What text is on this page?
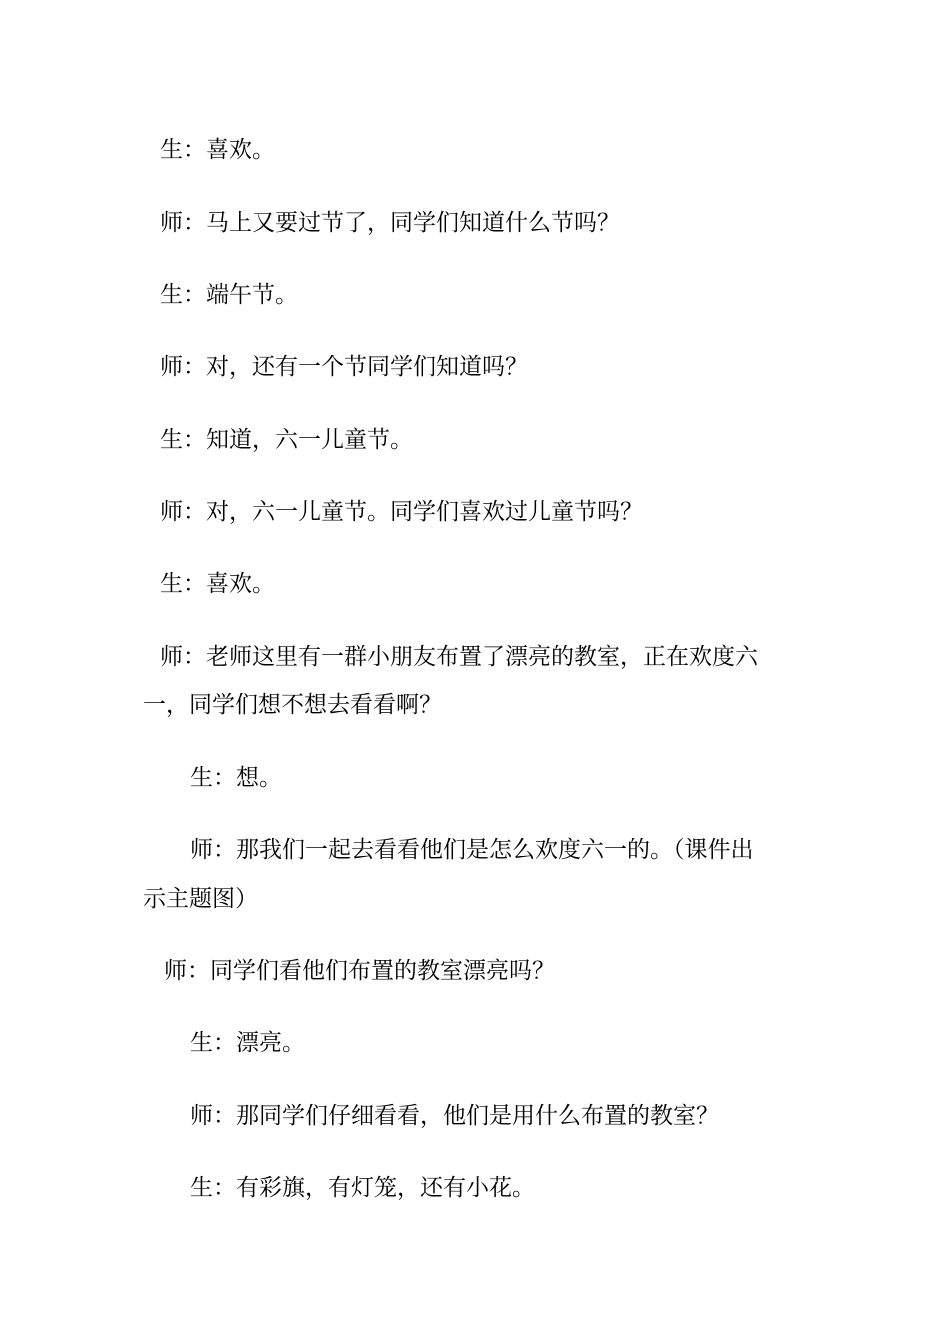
生：喜欢。
师：马上又要过节了，同学们知道什么节吗？
生：端午节。
师：对，还有一个节同学们知道吗？
生：知道，六一儿童节。
师：对，六一儿童节。同学们喜欢过儿童节吗？
生：喜欢。
师：老师这里有一群小朋友布置了漂亮的教室，正在欢度六
一，同学们想不想去看看啊？
生：想。
师：那我们一起去看看他们是怎么欢度六一的。（课件出
示主题图）
师：同学们看他们布置的教室漂亮吗？
生：漂亮。
师：那同学们仔细看看，他们是用什么布置的教室？
生：有彩旗，有灯笼，还有小花。
